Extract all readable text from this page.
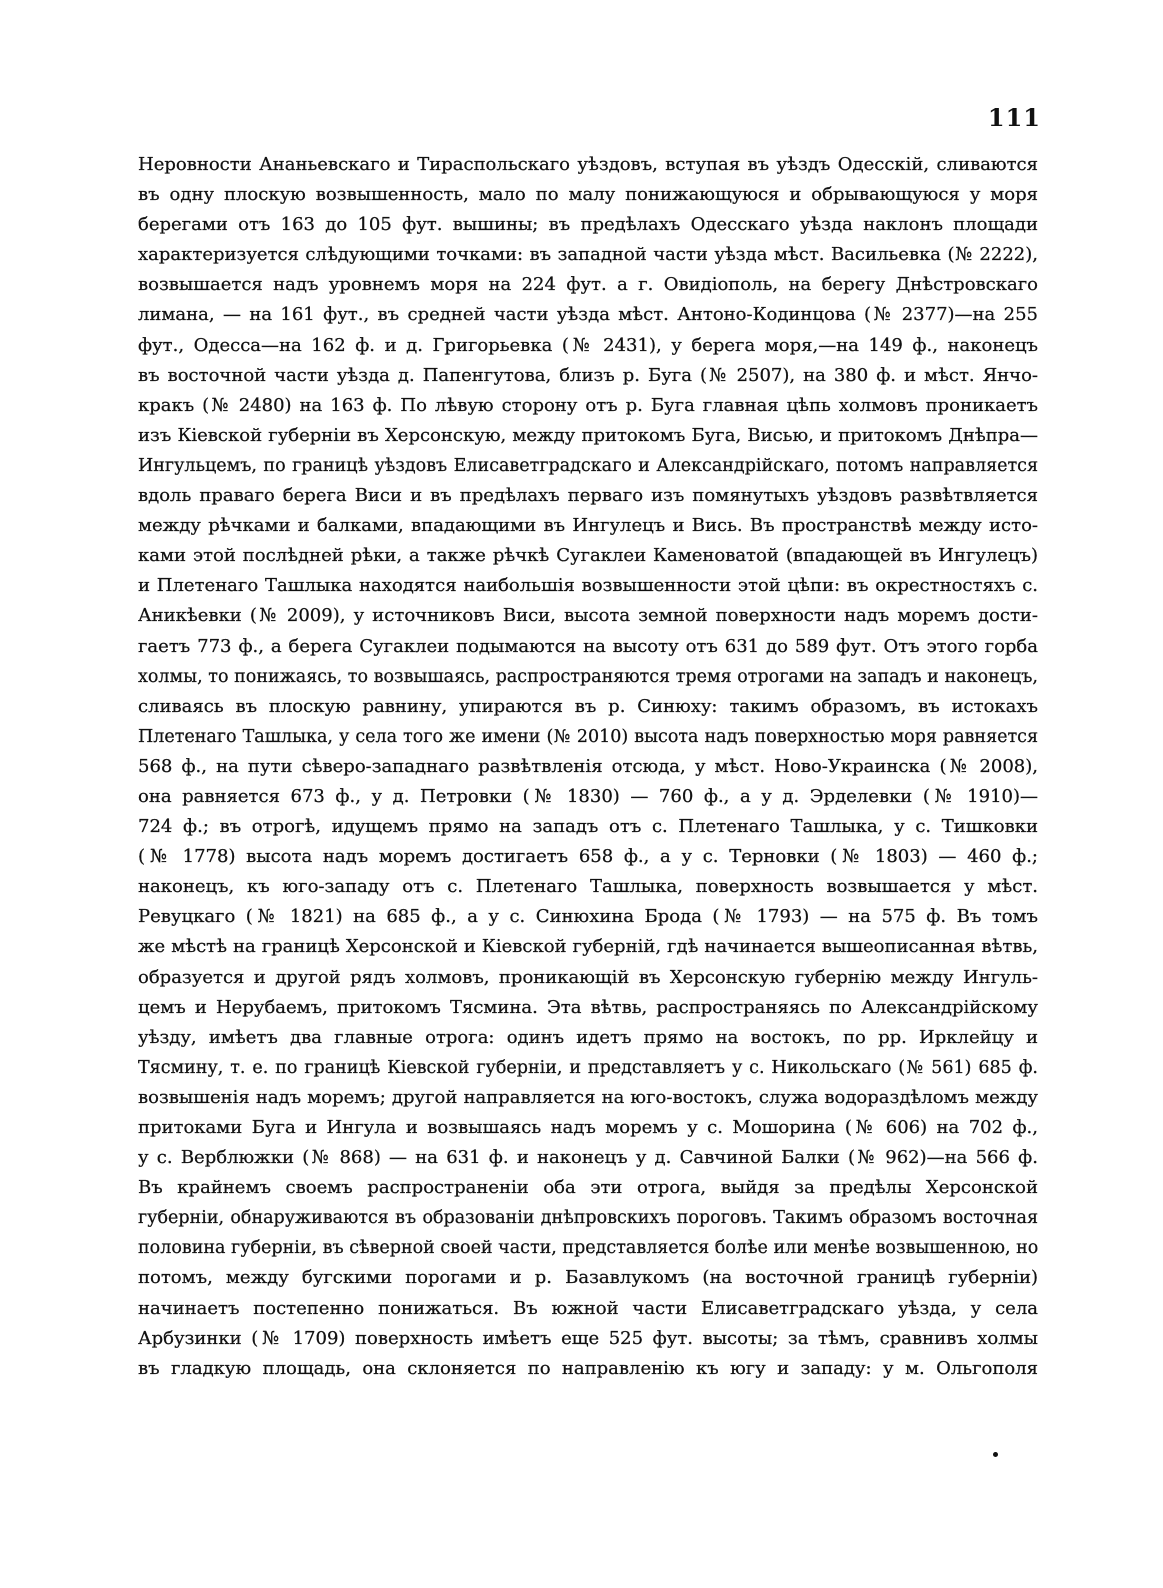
111
Неровности Ананьевскаго и Тираспольскаго уѣздовъ, вступая въ уѣздъ Одесскій, сливаются
въ одну плоскую возвышенность, мало по малу понижающуюся и обрывающуюся у моря
берегами отъ 163 до 105 фут. вышины; въ предѣлахъ Одесскаго уѣзда наклонъ площади
характеризуется слѣдующими точками: въ западной части уѣзда мѣст. Васильевка (№ 2222),
возвышается надъ уровнемъ моря на 224 фут. а г. Овидіополь, на берегу Днѣстровскаго
лимана, — на 161 фут., въ средней части уѣзда мѣст. Антоно-Кодинцова (№ 2377)—на 255
фут., Одесса—на 162 ф. и д. Григорьевка (№ 2431), у берега моря,—на 149 ф., наконецъ
въ восточной части уѣзда д. Папенгутова, близъ р. Буга (№ 2507), на 380 ф. и мѣст. Янчо-
кракъ (№ 2480) на 163 ф. По лѣвую сторону отъ р. Буга главная цѣпь холмовъ проникаетъ
изъ Кіевской губерніи въ Херсонскую, между притокомъ Буга, Висью, и притокомъ Днѣпра—
Ингульцемъ, по границѣ уѣздовъ Елисаветградскаго и Александрійскаго, потомъ направляется
вдоль праваго берега Виси и въ предѣлахъ перваго изъ помянутыхъ уѣздовъ развѣтвляется
между рѣчками и балками, впадающими въ Ингулецъ и Вись. Въ пространствѣ между исто-
ками этой послѣдней рѣки, а также рѣчкѣ Сугаклеи Каменоватой (впадающей въ Ингулецъ)
и Плетенаго Ташлыка находятся наибольшія возвышенности этой цѣпи: въ окрестностяхъ с.
Аникѣевки (№ 2009), у источниковъ Виси, высота земной поверхности надъ моремъ дости-
гаетъ 773 ф., а берега Сугаклеи подымаются на высоту отъ 631 до 589 фут. Отъ этого горба
холмы, то понижаясь, то возвышаясь, распространяются тремя отрогами на западъ и наконецъ,
сливаясь въ плоскую равнину, упираются въ р. Синюху: такимъ образомъ, въ истокахъ
Плетенаго Ташлыка, у села того же имени (№ 2010) высота надъ поверхностью моря равняется
568 ф., на пути сѣверо-западнаго развѣтвленія отсюда, у мѣст. Ново-Украинска (№ 2008),
она равняется 673 ф., у д. Петровки (№ 1830) — 760 ф., а у д. Эрделевки (№ 1910)—
724 ф.; въ отрогѣ, идущемъ прямо на западъ отъ с. Плетенаго Ташлыка, у с. Тишковки
(№ 1778) высота надъ моремъ достигаетъ 658 ф., а у с. Терновки (№ 1803) — 460 ф.;
наконецъ, къ юго-западу отъ с. Плетенаго Ташлыка, поверхность возвышается у мѣст.
Ревуцкаго (№ 1821) на 685 ф., а у с. Синюхина Брода (№ 1793) — на 575 ф. Въ томъ
же мѣстѣ на границѣ Херсонской и Кіевской губерній, гдѣ начинается вышеописанная вѣтвь,
образуется и другой рядъ холмовъ, проникающій въ Херсонскую губернію между Ингуль-
цемъ и Нерубаемъ, притокомъ Тясмина. Эта вѣтвь, распространяясь по Александрійскому
уѣзду, имѣетъ два главные отрога: одинъ идетъ прямо на востокъ, по рр. Ирклейцу и
Тясмину, т. е. по границѣ Кіевской губерніи, и представляетъ у с. Никольскаго (№ 561) 685 ф.
возвышенія надъ моремъ; другой направляется на юго-востокъ, служа водораздѣломъ между
притоками Буга и Ингула и возвышаясь надъ моремъ у с. Мошорина (№ 606) на 702 ф.,
у с. Верблюжки (№ 868) — на 631 ф. и наконецъ у д. Савчиной Балки (№ 962)—на 566 ф.
Въ крайнемъ своемъ распространеніи оба эти отрога, выйдя за предѣлы Херсонской
губерніи, обнаруживаются въ образованіи днѣпровскихъ пороговъ. Такимъ образомъ восточная
половина губерніи, въ сѣверной своей части, представляется болѣе или менѣе возвышенною, но
потомъ, между бугскими порогами и р. Базавлукомъ (на восточной границѣ губерніи)
начинаетъ постепенно понижаться. Въ южной части Елисаветградскаго уѣзда, у села
Арбузинки (№ 1709) поверхность имѣетъ еще 525 фут. высоты; за тѣмъ, сравнивъ холмы
въ гладкую площадь, она склоняется по направленію къ югу и западу: у м. Ольгополя
